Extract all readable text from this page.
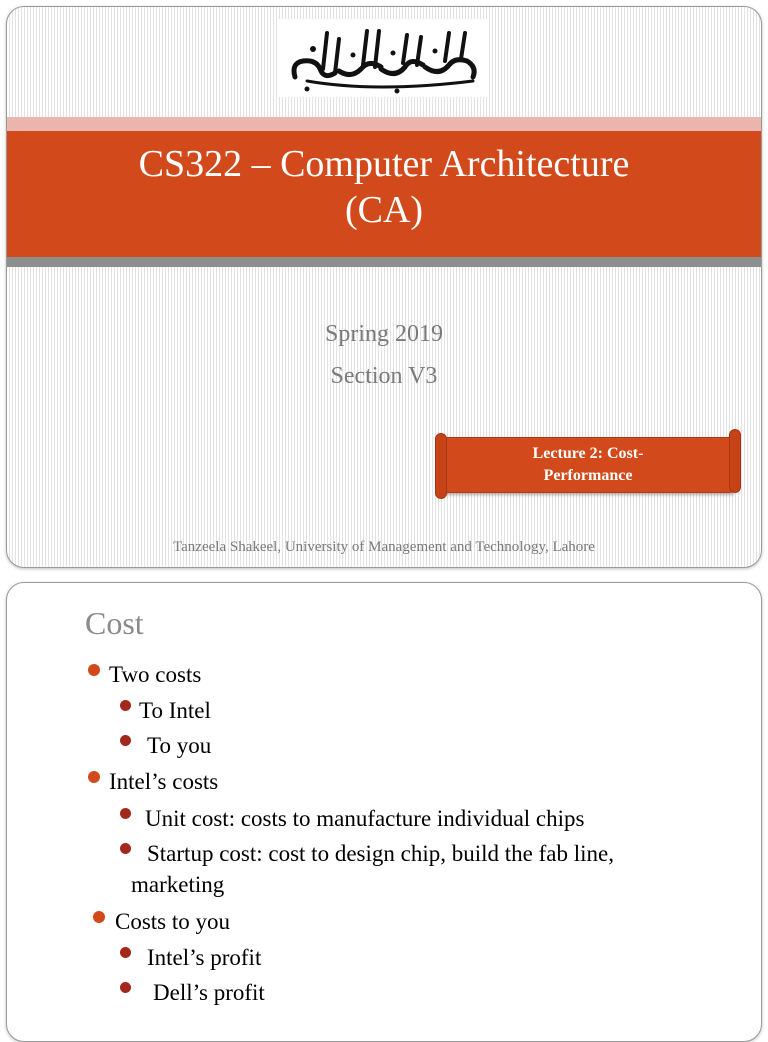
CS322 – Computer Architecture
(CA)
Spring 2019
Section V3
Lecture 2: Cost-
Performance
Tanzeela Shakeel, University of Management and Technology, Lahore
Cost
Two costs
To Intel
To you
Intel’s costs
Unit cost: costs to manufacture individual chips
Startup cost: cost to design chip, build the fab line,
marketing
Costs to you
Intel’s profit
Dell’s profit
